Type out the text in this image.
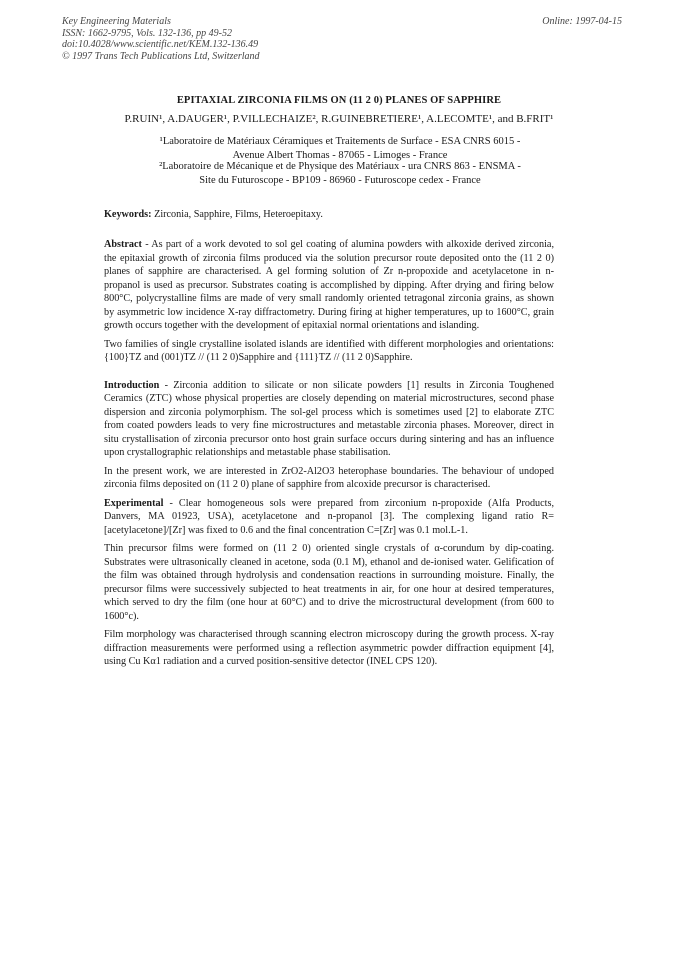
Key Engineering Materials
ISSN: 1662-9795, Vols. 132-136, pp 49-52
doi:10.4028/www.scientific.net/KEM.132-136.49
© 1997 Trans Tech Publications Ltd, Switzerland
Online: 1997-04-15
EPITAXIAL ZIRCONIA FILMS ON (11 2 0) PLANES OF SAPPHIRE
P.RUIN¹, A.DAUGER¹, P.VILLECHAIZE², R.GUINEBRETIERE¹, A.LECOMTE¹, and B.FRIT¹
¹Laboratoire de Matériaux Céramiques et Traitements de Surface - ESA CNRS 6015 -
Avenue Albert Thomas - 87065 - Limoges - France
²Laboratoire de Mécanique et de Physique des Matériaux - ura CNRS 863 - ENSMA -
Site du Futuroscope - BP109 - 86960 - Futuroscope cedex - France
Keywords: Zirconia, Sapphire, Films, Heteroepitaxy.

Abstract - As part of a work devoted to sol gel coating of alumina powders with alkoxide derived zirconia, the epitaxial growth of zirconia films produced via the solution precursor route deposited onto the (11 2 0) planes of sapphire are characterised. A gel forming solution of Zr n-propoxide and acetylacetone in n-propanol is used as precursor. Substrates coating is accomplished by dipping. After drying and firing below 800°C, polycrystalline films are made of very small randomly oriented tetragonal zirconia grains, as shown by asymmetric low incidence X-ray diffractometry. During firing at higher temperatures, up to 1600°C, grain growth occurs together with the development of epitaxial normal orientations and islanding.

Two families of single crystalline isolated islands are identified with different morphologies and orientations: {100}TZ and (001)TZ // (11 2 0)Sapphire and {111}TZ // (11 2 0)Sapphire.

Introduction - Zirconia addition to silicate or non silicate powders [1] results in Zirconia Toughened Ceramics (ZTC) whose physical properties are closely depending on material microstructures, second phase dispersion and zirconia polymorphism. The sol-gel process which is sometimes used [2] to elaborate ZTC from coated powders leads to very fine microstructures and metastable zirconia phases. Moreover, direct in situ crystallisation of zirconia precursor onto host grain surface occurs during sintering and has an influence upon crystallographic relationships and metastable phase stabilisation.

In the present work, we are interested in ZrO2-Al2O3 heterophase boundaries. The behaviour of undoped zirconia films deposited on (11 2 0) plane of sapphire from alcoxide precursor is characterised.

Experimental - Clear homogeneous sols were prepared from zirconium n-propoxide (Alfa Products, Danvers, MA 01923, USA), acetylacetone and n-propanol [3]. The complexing ligand ratio R=[acetylacetone]/[Zr] was fixed to 0.6 and the final concentration C=[Zr] was 0.1 mol.L-1.

Thin precursor films were formed on (11 2 0) oriented single crystals of α-corundum by dip-coating. Substrates were ultrasonically cleaned in acetone, soda (0.1 M), ethanol and de-ionised water. Gelification of the film was obtained through hydrolysis and condensation reactions in surrounding moisture. Finally, the precursor films were successively subjected to heat treatments in air, for one hour at desired temperatures, which served to dry the film (one hour at 60°C) and to drive the microstructural development (from 600 to 1600°c).

Film morphology was characterised through scanning electron microscopy during the growth process. X-ray diffraction measurements were performed using a reflection asymmetric powder diffraction equipment [4], using Cu Kα1 radiation and a curved position-sensitive detector (INEL CPS 120).
